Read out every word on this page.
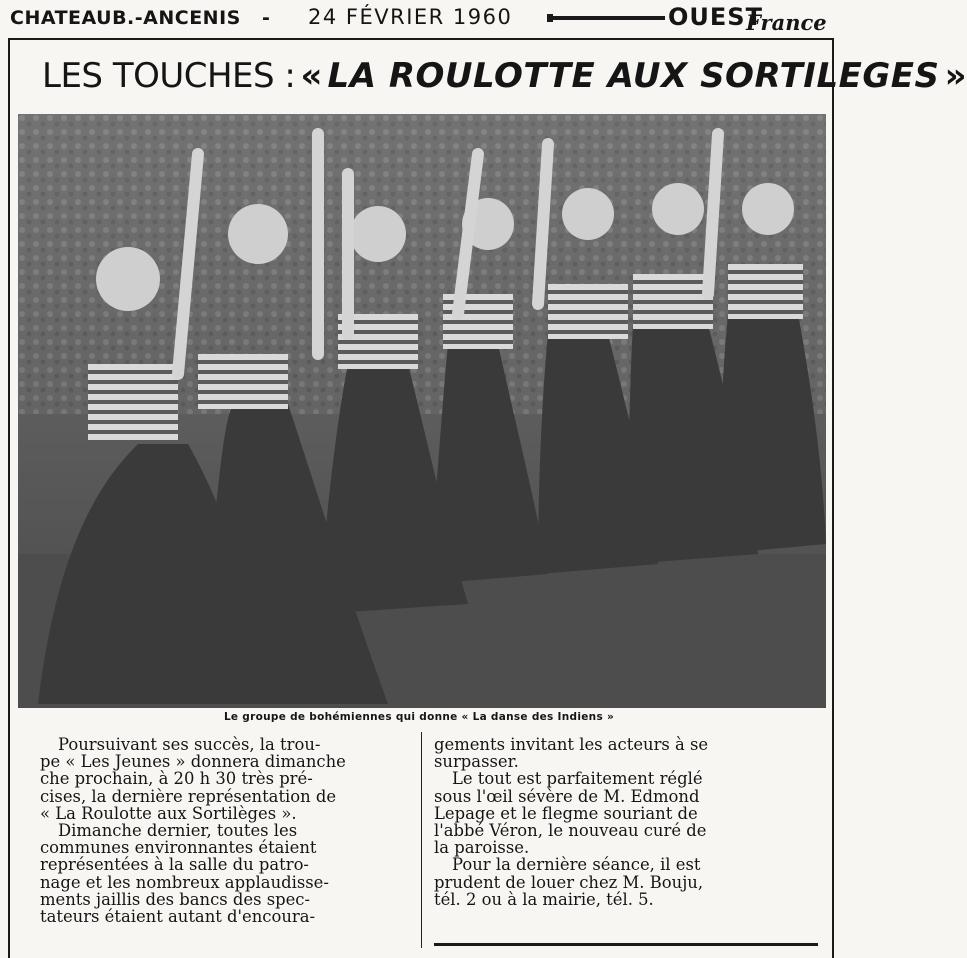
CHATEAUB.-ANCENIS - 24 FÉVRIER 1960	OUEST
France
LES TOUCHES : « LA ROULOTTE AUX SORTILEGES »
Le groupe de bohémiennes qui donne « La danse des Indiens »
Poursuivant ses succès, la trou-
pe « Les Jeunes » donnera dimanche
che prochain, à 20 h 30 très pré-
cises, la dernière représentation de
« La Roulotte aux Sortilèges ».
Dimanche dernier, toutes les
communes environnantes étaient
représentées à la salle du patro-
nage et les nombreux applaudisse-
ments jaillis des bancs des spec-
tateurs étaient autant d'encoura-
gements invitant les acteurs à se
surpasser.
Le tout est parfaitement réglé
sous l'œil sévère de M. Edmond
Lepage et le flegme souriant de
l'abbé Véron, le nouveau curé de
la paroisse.
Pour la dernière séance, il est
prudent de louer chez M. Bouju,
tél. 2 ou à la mairie, tél. 5.
